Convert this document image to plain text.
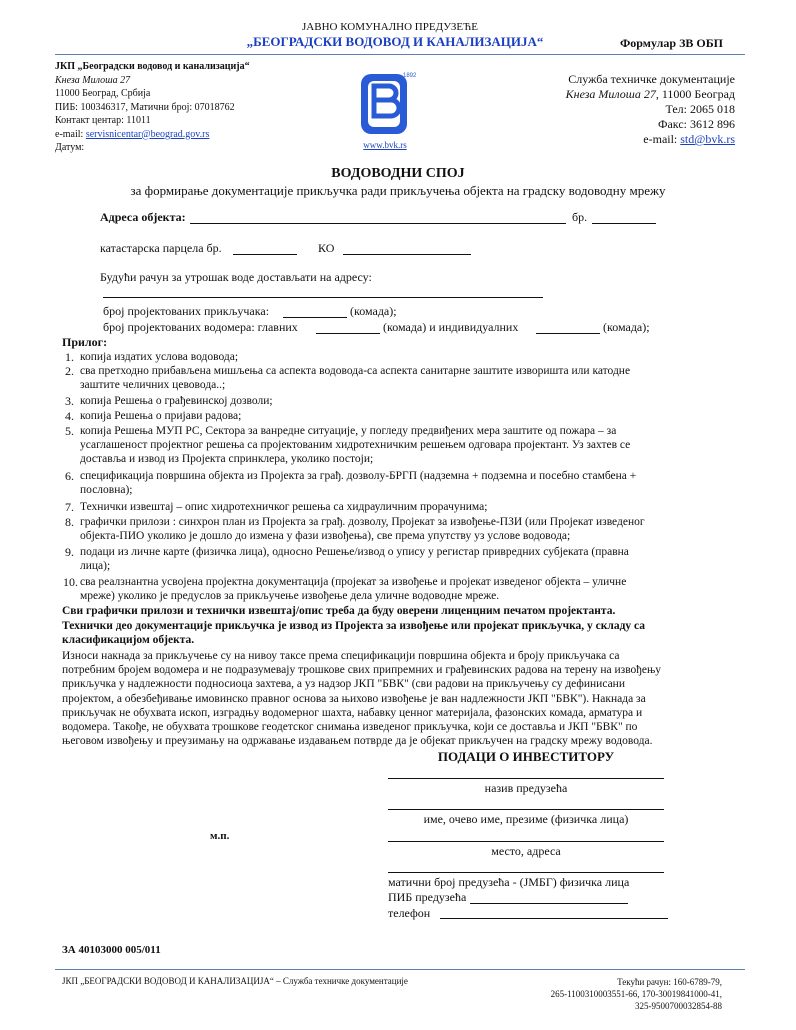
ЈАВНО КОМУНАЛНО ПРЕДУЗЕЋЕ
„БЕОГРАДСКИ ВОДОВОД И КАНАЛИЗАЦИЈА“	Формулар ЗВ ОБП
ЈКП „Београдски водовод и канализација“
Кнеза Милоша 27
11000 Београд, Србија
ПИБ: 100346317, Матични број: 07018762
Контакт центар: 11011
e-mail: servisnicentar@beograd.gov.rs
Датум:
1892
www.bvk.rs
Служба техничке документације
Кнеза Милоша 27, 11000 Београд
Тел: 2065 018
Факс: 3612 896
e-mail: std@bvk.rs
ВОДОВОДНИ СПОЈ
за формирање документације прикључка ради прикључења објекта на градску водоводну мрежу
Адреса објекта:	бр.
катастарска парцела бр.	КО
Будући рачун за утрошак воде достављати на адресу:
број пројектованих прикључака:	(комада);
број пројектованих водомера: главних	(комада) и индивидуалних	(комада);
Прилог:
1. копија издатих услова водовода;
2. сва претходно прибављена мишљења са аспекта водовода-са аспекта санитарне заштите изворишта или катодне
заштите челичних цевовода..;
3. копија Решења о грађевинској дозволи;
4. копија Решења о пријави радова;
5. копија Решења МУП РС, Сектора за ванредне ситуације, у погледу предвиђених мера заштите од пожара – за
усаглашеност пројектног решења са пројектованим хидротехничким решењем одговара пројектант. Уз захтев се
доставља и извод из Пројекта спринклера, уколико постоји;
6. спецификација површина објекта из Пројекта за грађ. дозволу-БРГП (надземна + подземна и посебно стамбена +
пословна);
7. Технички извештај – опис хидротехничког решења са хидрауличним прорачунима;
8. графички прилози : синхрон план из Пројекта за грађ. дозволу, Пројекат за извођење-ПЗИ (или Пројекат изведеног
објекта-ПИО уколико је дошло до измена у фази извођења), све према упутству уз услове водовода;
9. подаци из личне карте (физичка лица), односно Решење/извод о упису у регистар привредних субјеката (правна
лица);
10. сва реалзнантна усвојена пројектна документација (пројекат за извођење и пројекат изведеног објекта – уличне
мреже) уколико је предуслов за прикључење извођење дела уличне водоводне мреже.
Сви графички прилози и технички извештај/опис треба да буду оверени лиценцним печатом пројектанта.
Технички део документације прикључка је извод из Пројекта за извођење или пројекат прикључка, у складу са
класификацијом објекта.
Износи накнада за прикључење су на нивоу таксе према спецификацији површина објекта и броју прикључака са
потребним бројем водомера и не подразумевају трошкове свих припремних и грађевинских радова на терену на извођењу
прикључка у надлежности подносиоца захтева, а уз надзор ЈКП "БВК" (сви радови на прикључењу су дефинисани
пројектом, а обезбеђивање имовинско правног основа за њихово извођење је ван надлежности ЈКП "БВК"). Накнада за
прикључак не обухвата ископ, изградњу водомерног шахта, набавку ценног материјала, фазонских комада, арматура и
водомера. Такође, не обухвата трошкове геодетског снимања изведеног прикључка, који се доставља и ЈКП "БВК" по
његовом извођењу и преузимању на одржавање издавањем потврде да је објекат прикључен на градску мрежу водовода.
ПОДАЦИ О ИНВЕСТИТОРУ
назив предузећа
име, очево име, презиме (физичка лица)
м.п.
место, адреса
матични број предузећа - (ЈМБГ) физичка лица
ПИБ предузећа
телефон
ЗА 40103000 005/011
ЈКП „БЕОГРАДСКИ ВОДОВОД И КАНАЛИЗАЦИЈА“ – Служба техничке документације	Текући рачун: 160-6789-79,
265-1100310003551-66, 170-30019841000-41,
325-9500700032854-88
